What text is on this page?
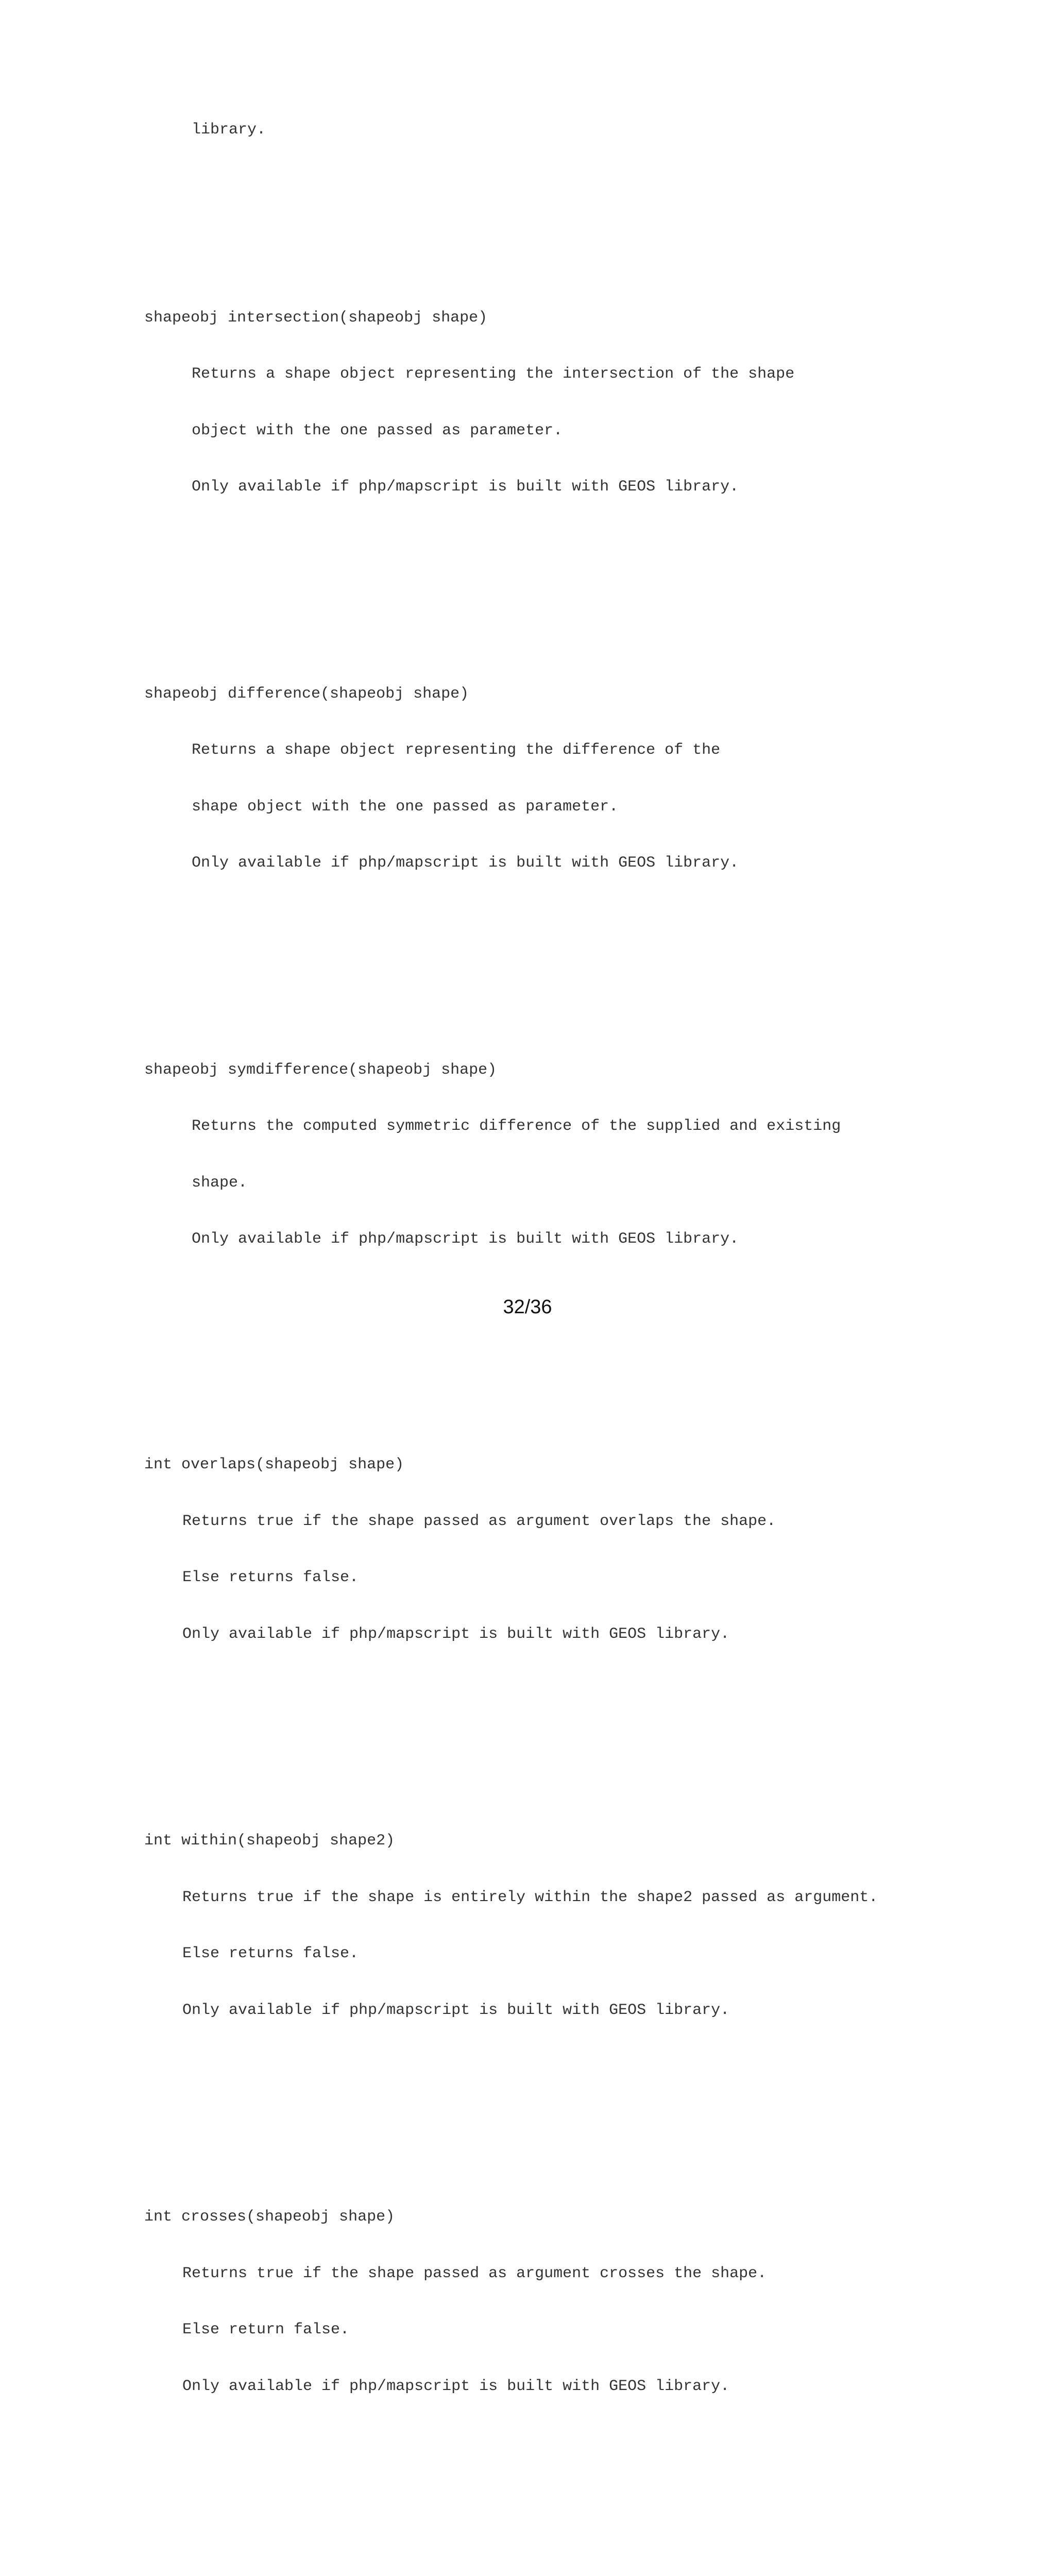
library.

shapeobj intersection(shapeobj shape)

Returns a shape object representing the intersection of the shape

object with the one passed as parameter.

Only available if php/mapscript is built with GEOS library.

shapeobj difference(shapeobj shape)

Returns a shape object representing the difference of the

shape object with the one passed as parameter.

Only available if php/mapscript is built with GEOS library.

shapeobj symdifference(shapeobj shape)

Returns the computed symmetric difference of the supplied and existing

shape.

Only available if php/mapscript is built with GEOS library.

int overlaps(shapeobj shape)

Returns true if the shape passed as argument overlaps the shape.

Else returns false.

Only available if php/mapscript is built with GEOS library.

int within(shapeobj shape2)

Returns true if the shape is entirely within the shape2 passed as argument.

Else returns false.

Only available if php/mapscript is built with GEOS library.

int crosses(shapeobj shape)

Returns true if the shape passed as argument crosses the shape.

Else return false.

Only available if php/mapscript is built with GEOS library.

32/36
